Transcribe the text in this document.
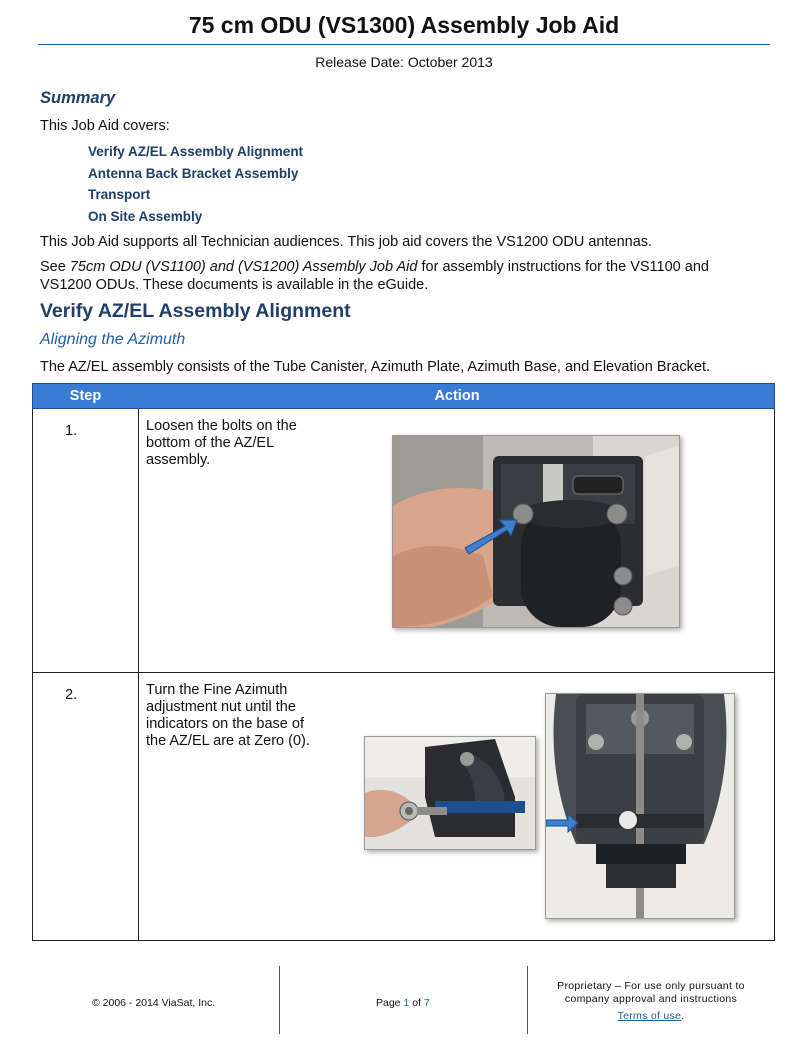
75 cm ODU (VS1300) Assembly Job Aid
Release Date: October 2013
Summary
This Job Aid covers:
Verify AZ/EL Assembly Alignment
Antenna Back Bracket Assembly
Transport
On Site Assembly
This Job Aid supports all Technician audiences. This job aid covers the VS1200 ODU antennas.
See 75cm ODU (VS1100) and (VS1200) Assembly Job Aid for assembly instructions for the VS1100 and
VS1200 ODUs. These documents is available in the eGuide.
Verify AZ/EL Assembly Alignment
Aligning the Azimuth
The AZ/EL assembly consists of the Tube Canister, Azimuth Plate, Azimuth Base, and Elevation Bracket.
Step	Action
1.	Loosen the bolts on the bottom of the AZ/EL assembly.
2.	Turn the Fine Azimuth adjustment nut until the indicators on the base of the AZ/EL are at Zero (0).
© 2006 - 2014 ViaSat, Inc.	Page 1 of 7
Proprietary – For use only pursuant to
company approval and instructions
Terms of use.
